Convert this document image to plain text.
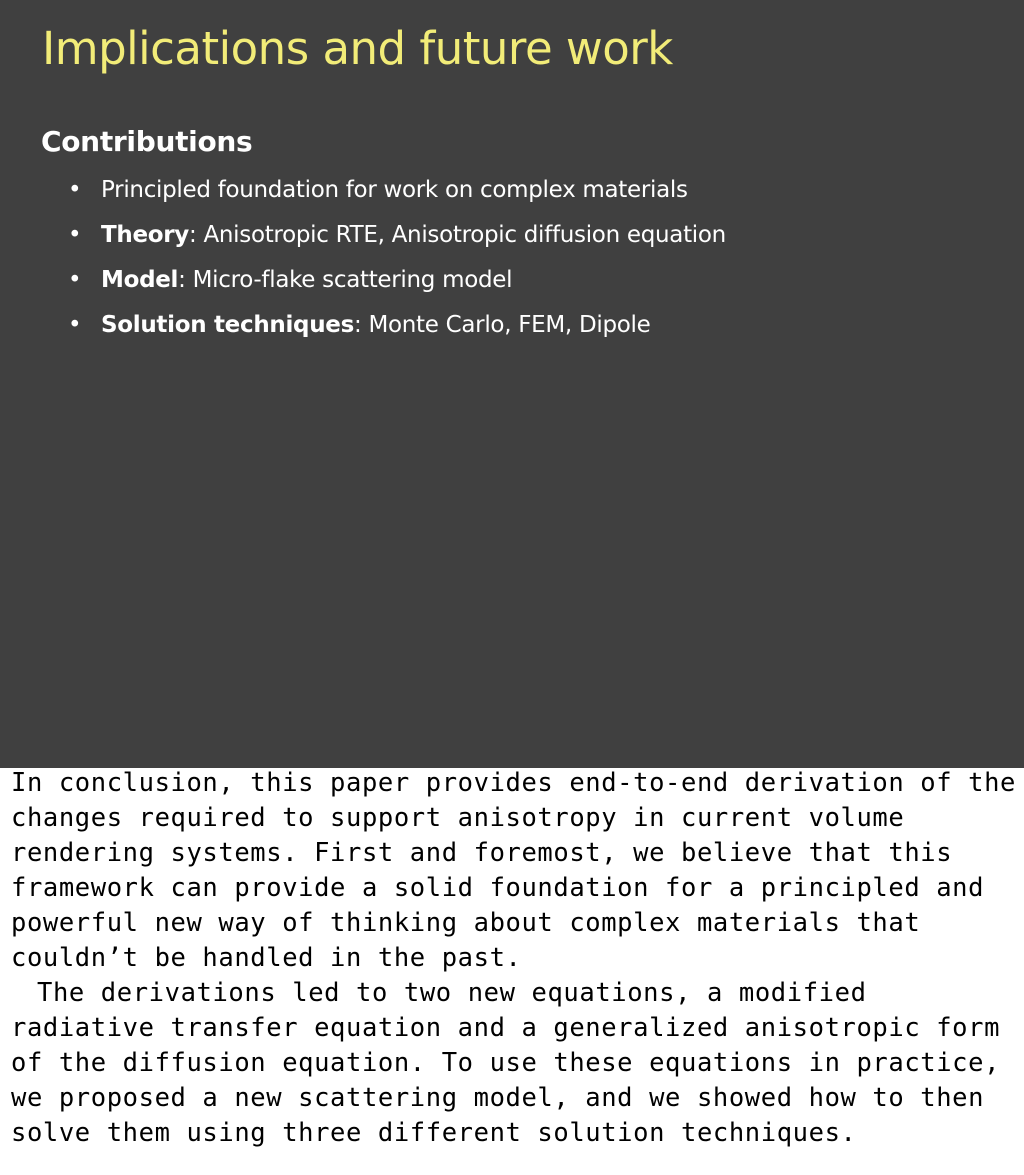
Implications and future work
Contributions
•Principled foundation for work on complex materials
•Theory: Anisotropic RTE, Anisotropic diffusion equation
•Model: Micro-flake scattering model
•Solution techniques: Monte Carlo, FEM, Dipole

In conclusion, this paper provides end-to-end derivation of the changes required to support anisotropy in current volume rendering systems. First and foremost, we believe that this framework can provide a solid foundation for a principled and powerful new way of thinking about complex materials that couldn’t be handled in the past.

The derivations led to two new equations, a modified radiative transfer equation and a generalized anisotropic form of the diffusion equation. To use these equations in practice, we proposed a new scattering model, and we showed how to then solve them using three different solution techniques.
